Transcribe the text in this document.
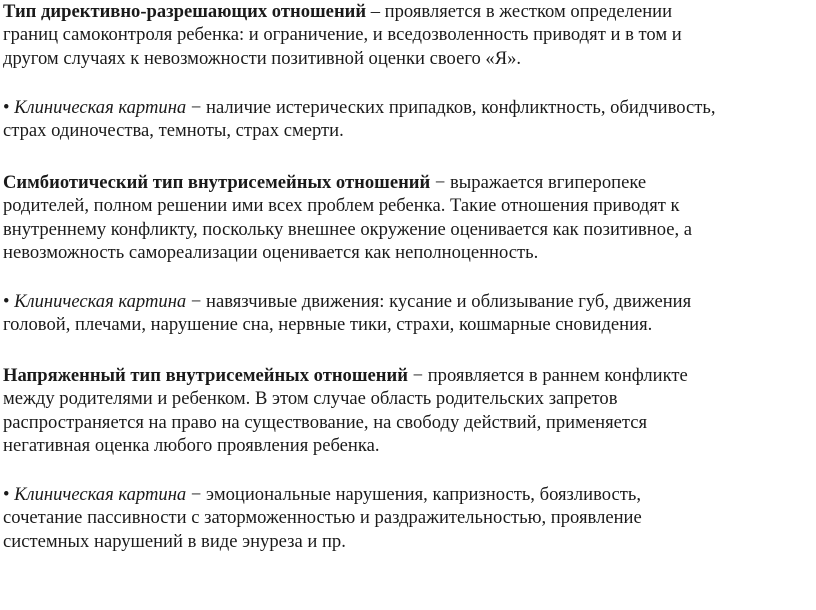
Тип директивно-разрешающих отношений – проявляется в жестком определении
границ самоконтроля ребенка: и ограничение, и вседозволенность приводят и в том и
другом случаях к невозможности позитивной оценки своего «Я».

• Клиническая картина − наличие истерических припадков, конфликтность, обидчивость,
страх одиночества, темноты, страх смерти.

Симбиотический тип внутрисемейных отношений − выражается вгиперопеке
родителей, полном решении ими всех проблем ребенка. Такие отношения приводят к
внутреннему конфликту, поскольку внешнее окружение оценивается как позитивное, а
невозможность самореализации оценивается как неполноценность.

• Клиническая картина − навязчивые движения: кусание и облизывание губ, движения
головой, плечами, нарушение сна, нервные тики, страхи, кошмарные сновидения.

Напряженный тип внутрисемейных отношений − проявляется в раннем конфликте
между родителями и ребенком. В этом случае область родительских запретов
распространяется на право на существование, на свободу действий, применяется
негативная оценка любого проявления ребенка.

• Клиническая картина − эмоциональные нарушения, капризность, боязливость,
сочетание пассивности с заторможенностью и раздражительностью, проявление
системных нарушений в виде энуреза и пр.
